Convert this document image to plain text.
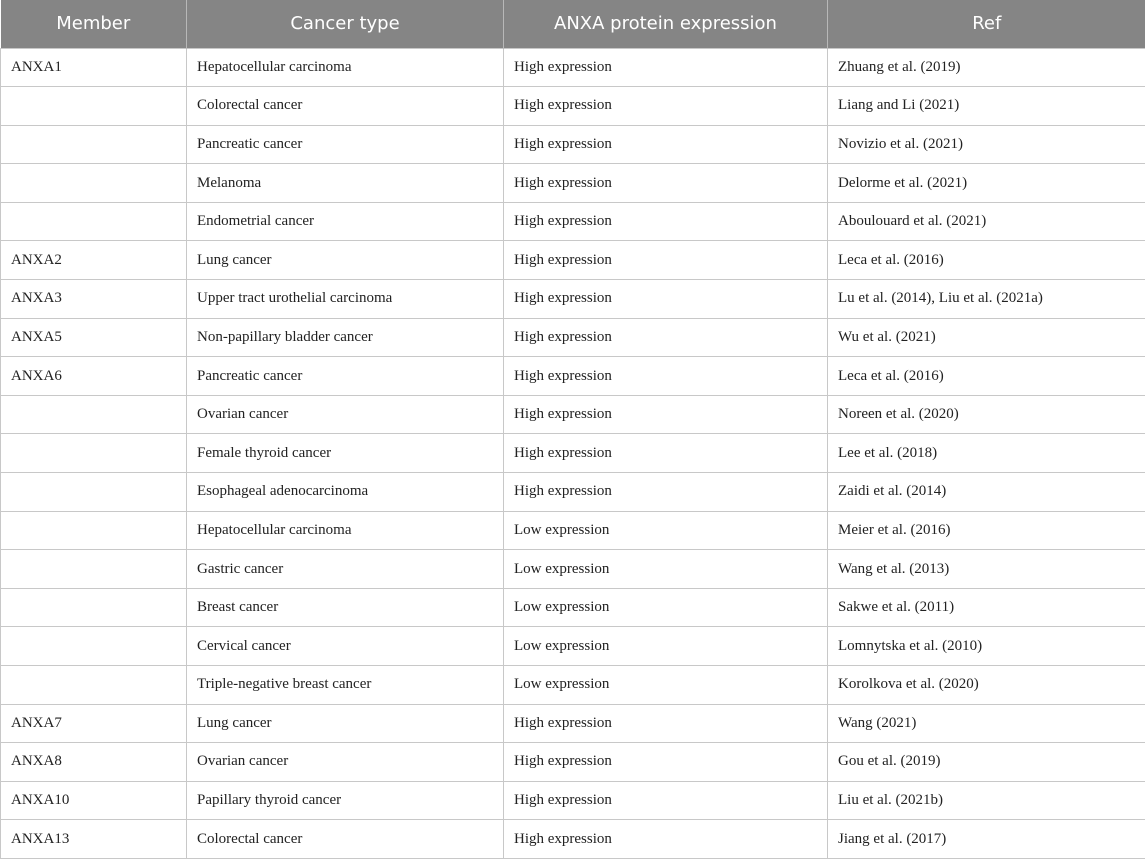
Member	Cancer type	ANXA protein expression	Ref
ANXA1	Hepatocellular carcinoma	High expression	Zhuang et al. (2019)
	Colorectal cancer	High expression	Liang and Li (2021)
	Pancreatic cancer	High expression	Novizio et al. (2021)
	Melanoma	High expression	Delorme et al. (2021)
	Endometrial cancer	High expression	Aboulouard et al. (2021)
ANXA2	Lung cancer	High expression	Leca et al. (2016)
ANXA3	Upper tract urothelial carcinoma	High expression	Lu et al. (2014), Liu et al. (2021a)
ANXA5	Non-papillary bladder cancer	High expression	Wu et al. (2021)
ANXA6	Pancreatic cancer	High expression	Leca et al. (2016)
	Ovarian cancer	High expression	Noreen et al. (2020)
	Female thyroid cancer	High expression	Lee et al. (2018)
	Esophageal adenocarcinoma	High expression	Zaidi et al. (2014)
	Hepatocellular carcinoma	Low expression	Meier et al. (2016)
	Gastric cancer	Low expression	Wang et al. (2013)
	Breast cancer	Low expression	Sakwe et al. (2011)
	Cervical cancer	Low expression	Lomnytska et al. (2010)
	Triple-negative breast cancer	Low expression	Korolkova et al. (2020)
ANXA7	Lung cancer	High expression	Wang (2021)
ANXA8	Ovarian cancer	High expression	Gou et al. (2019)
ANXA10	Papillary thyroid cancer	High expression	Liu et al. (2021b)
ANXA13	Colorectal cancer	High expression	Jiang et al. (2017)
